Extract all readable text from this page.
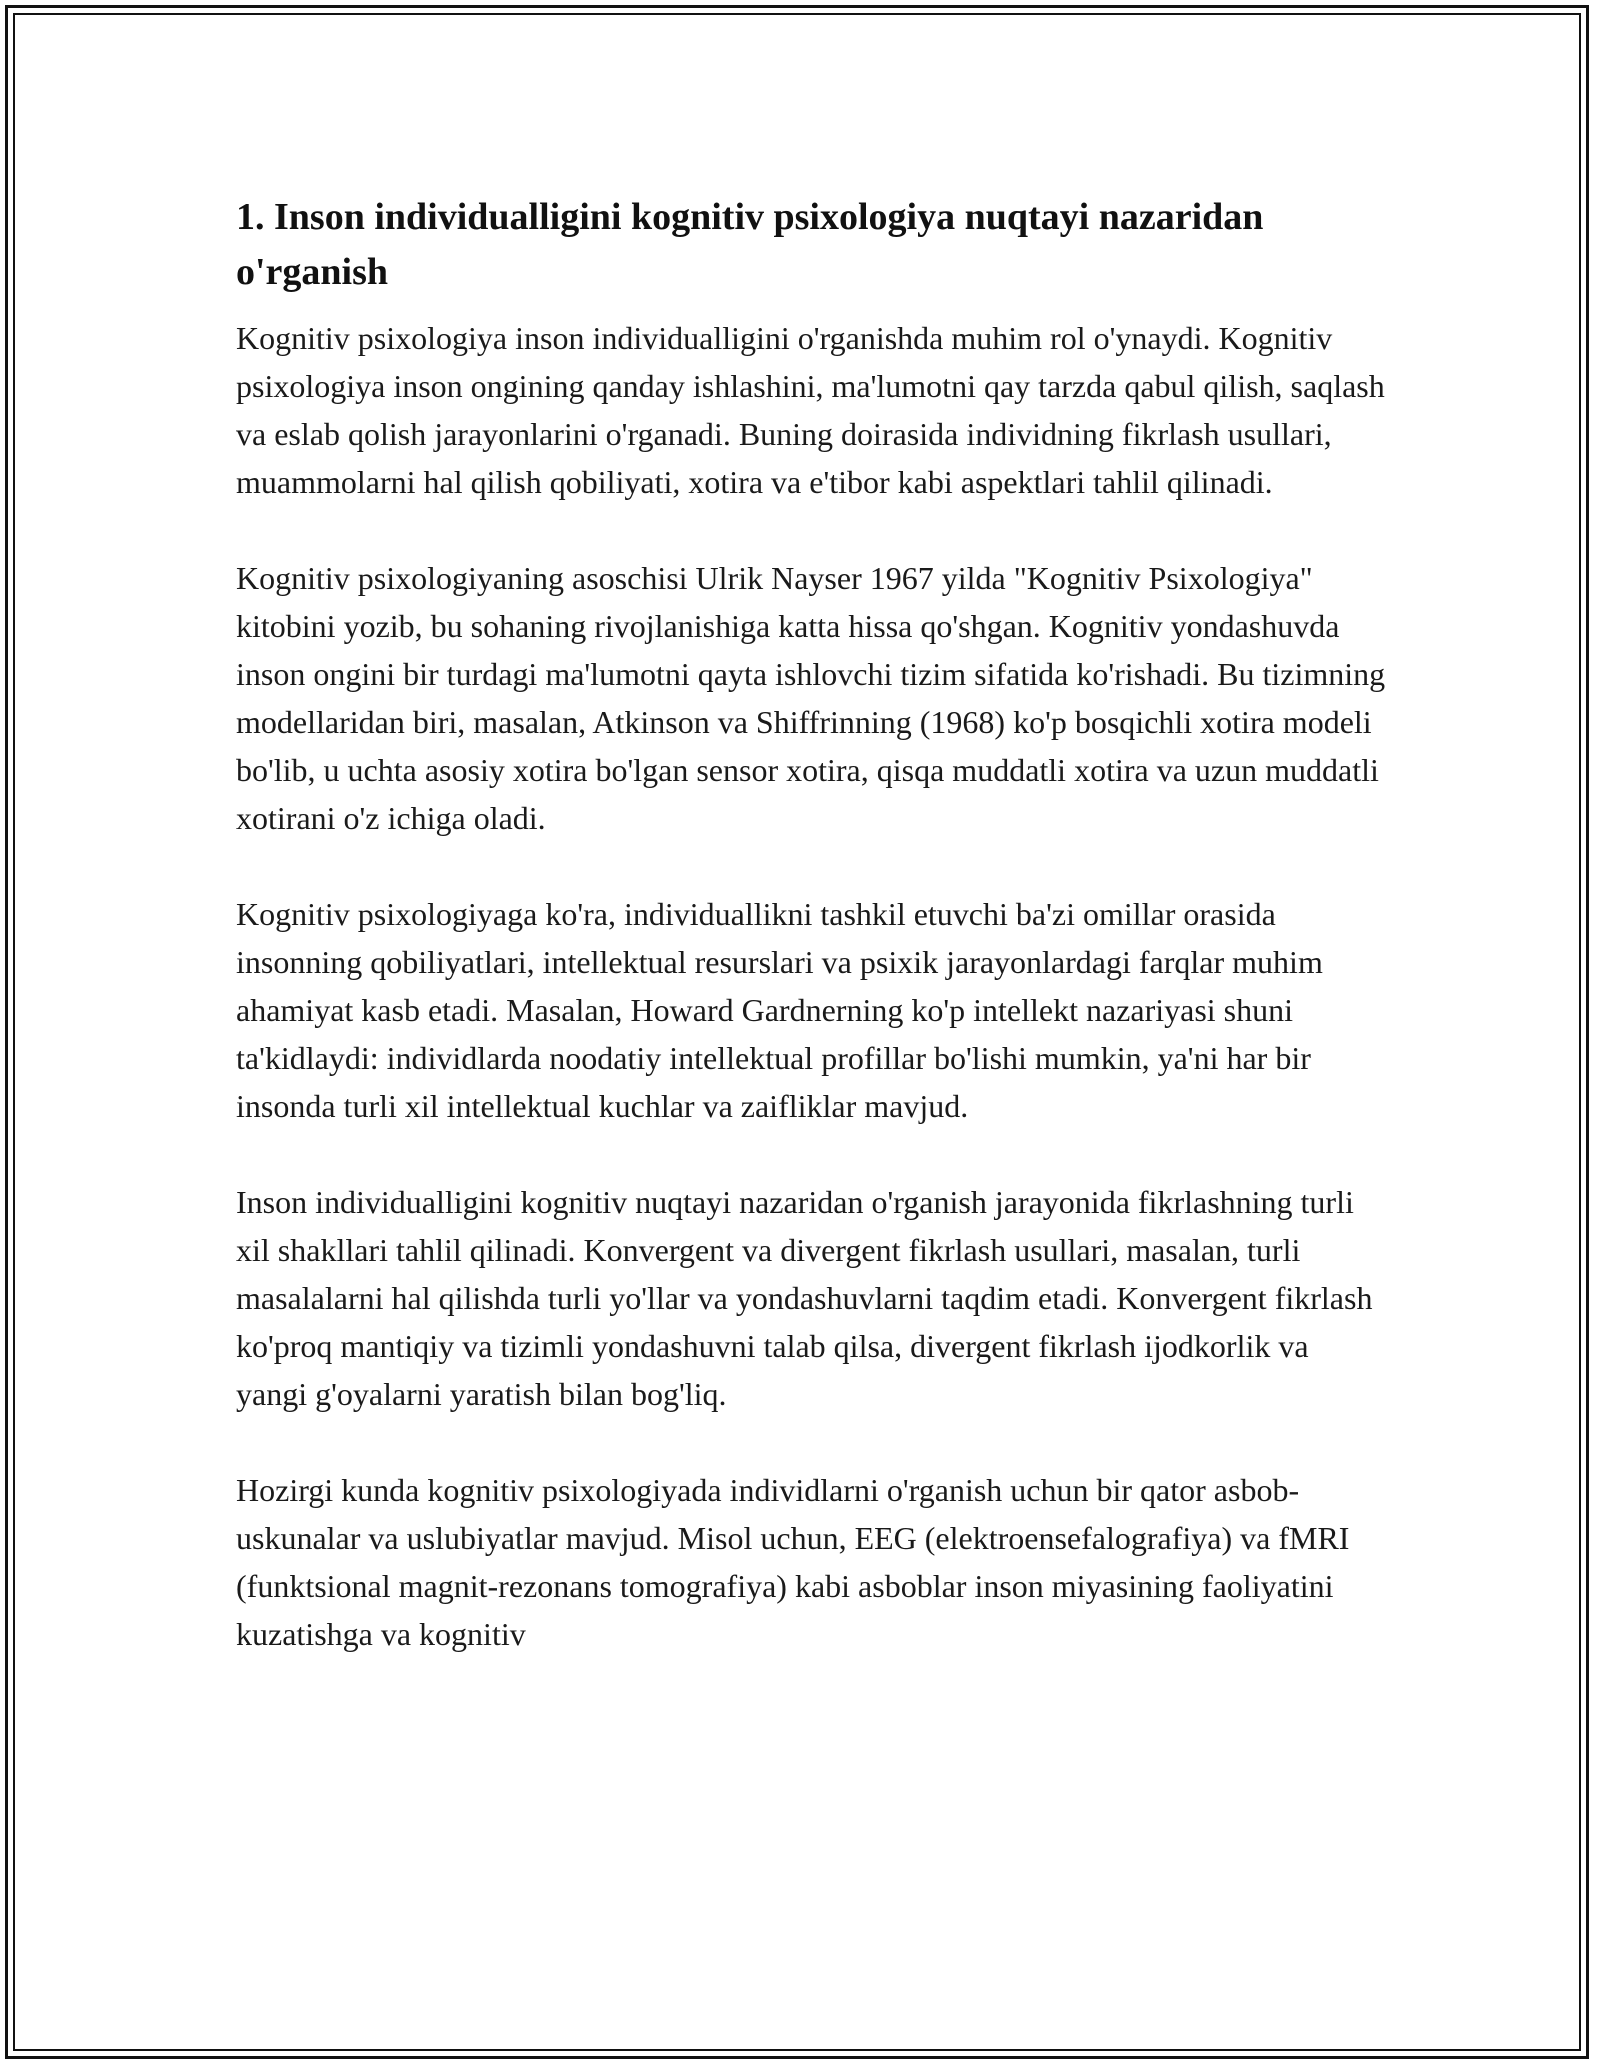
1. Inson individualligini kognitiv psixologiya nuqtayi nazaridan o'rganish

Kognitiv psixologiya inson individualligini o'rganishda muhim rol o'ynaydi. Kognitiv psixologiya inson ongining qanday ishlashini, ma'lumotni qay tarzda qabul qilish, saqlash va eslab qolish jarayonlarini o'rganadi. Buning doirasida individning fikrlash usullari, muammolarni hal qilish qobiliyati, xotira va e'tibor kabi aspektlari tahlil qilinadi.

Kognitiv psixologiyaning asoschisi Ulrik Nayser 1967 yilda "Kognitiv Psixologiya" kitobini yozib, bu sohaning rivojlanishiga katta hissa qo'shgan. Kognitiv yondashuvda inson ongini bir turdagi ma'lumotni qayta ishlovchi tizim sifatida ko'rishadi. Bu tizimning modellaridan biri, masalan, Atkinson va Shiffrinning (1968) ko'p bosqichli xotira modeli bo'lib, u uchta asosiy xotira bo'lgan sensor xotira, qisqa muddatli xotira va uzun muddatli xotirani o'z ichiga oladi.

Kognitiv psixologiyaga ko'ra, individuallikni tashkil etuvchi ba'zi omillar orasida insonning qobiliyatlari, intellektual resurslari va psixik jarayonlardagi farqlar muhim ahamiyat kasb etadi. Masalan, Howard Gardnerning ko'p intellekt nazariyasi shuni ta'kidlaydi: individlarda noodatiy intellektual profillar bo'lishi mumkin, ya'ni har bir insonda turli xil intellektual kuchlar va zaifliklar mavjud.

Inson individualligini kognitiv nuqtayi nazaridan o'rganish jarayonida fikrlashning turli xil shakllari tahlil qilinadi. Konvergent va divergent fikrlash usullari, masalan, turli masalalarni hal qilishda turli yo'llar va yondashuvlarni taqdim etadi. Konvergent fikrlash ko'proq mantiqiy va tizimli yondashuvni talab qilsa, divergent fikrlash ijodkorlik va yangi g'oyalarni yaratish bilan bog'liq.

Hozirgi kunda kognitiv psixologiyada individlarni o'rganish uchun bir qator asbob-uskunalar va uslubiyatlar mavjud. Misol uchun, EEG (elektroensefalografiya) va fMRI (funktsional magnit-rezonans tomografiya) kabi asboblar inson miyasining faoliyatini kuzatishga va kognitiv
